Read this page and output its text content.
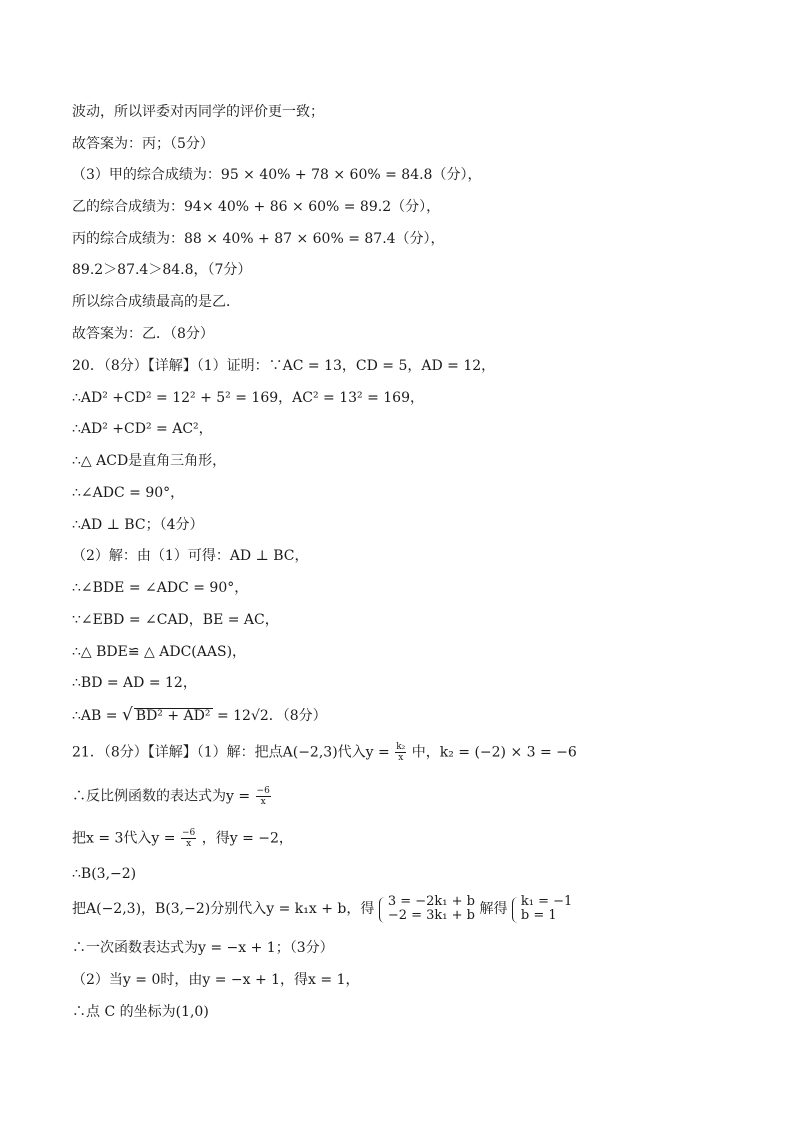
波动，所以评委对丙同学的评价更一致；
故答案为：丙；（5分）
（3）甲的综合成绩为：95 × 40% + 78 × 60% = 84.8（分），
乙的综合成绩为：94× 40% + 86 × 60% = 89.2（分），
丙的综合成绩为：88 × 40% + 87 × 60% = 87.4（分），
89.2＞87.4＞84.8，（7分）
所以综合成绩最高的是乙．
故答案为：乙．（8分）
20．（8分）【详解】（1）证明：∵AC = 13，CD = 5，AD = 12，
∴AD² +CD² = 12² + 5² = 169，AC² = 13² = 169，
∴AD² +CD² = AC²，
∴△ ACD是直角三角形，
∴∠ADC = 90°，
∴AD ⊥ BC；（4分）
（2）解：由（1）可得：AD ⊥ BC，
∴∠BDE = ∠ADC = 90°，
∵∠EBD = ∠CAD，BE = AC，
∴△ BDE≌ △ ADC(AAS)，
∴BD = AD = 12，
∴AB = √ BD² + AD² = 12√2．（8分）
21．（8分）【详解】（1）解：把点A(−2,3)代入$y = \frac{\text{k₂}}{x}$ 中，k₂ = (−2) × 3 = −6
∴反比例函数的表达式为$y = \frac{-6}{x}$
把x = 3代入$y = \frac{-6}{x}$ ，得y = −2，
∴B(3,−2)
把A(−2,3)，B(3,−2)分别代入y = k₁x + b，得 3 = −2k₁ + b
−2 = 3k₁ + b 解得 k₁ = −1
b = 1
∴一次函数表达式为y = −x + 1；（3分）
（2）当y = 0时，由y = −x + 1，得x = 1，
∴点 C 的坐标为(1,0)
